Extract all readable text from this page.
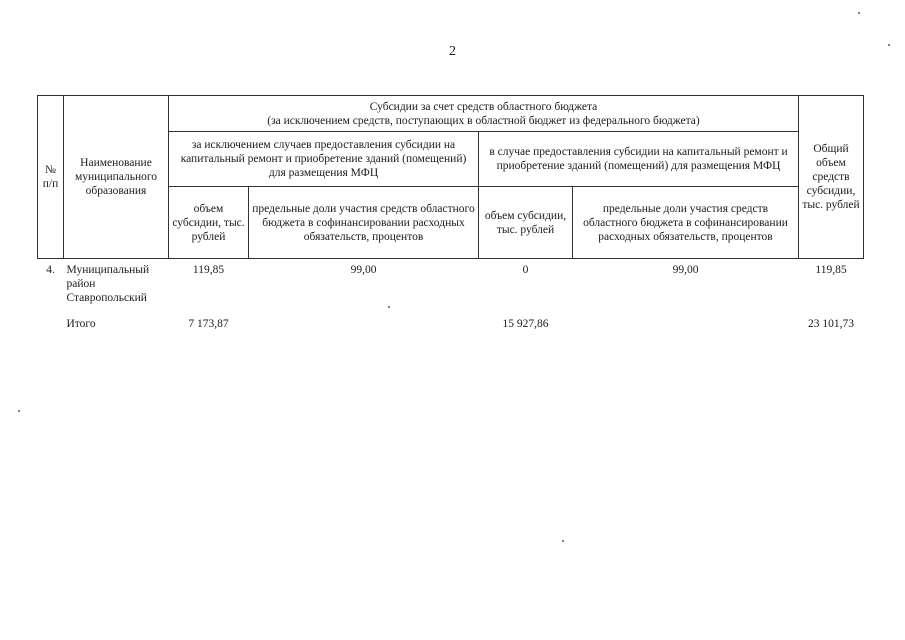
2
№ п/п	Наименование муниципального образования	Субсидии за счет средств областного бюджета
(за исключением средств, поступающих в областной бюджет из федерального бюджета)				Общий объем средств субсидии, тыс. рублей
		за исключением случаев предоставления субсидии на капитальный ремонт и приобретение зданий (помещений) для размещения МФЦ		в случае предоставления субсидии на капитальный ремонт и приобретение зданий (помещений) для размещения МФЦ		
		объем субсидии, тыс. рублей	предельные доли участия средств областного бюджета в софинансировании расходных обязательств, процентов	объем субсидии, тыс. рублей	предельные доли участия средств областного бюджета в софинансировании расходных обязательств, процентов	
4.	Муниципальный район Ставропольский	119,85	99,00	0	99,00	119,85
	Итого	7 173,87		15 927,86		23 101,73
